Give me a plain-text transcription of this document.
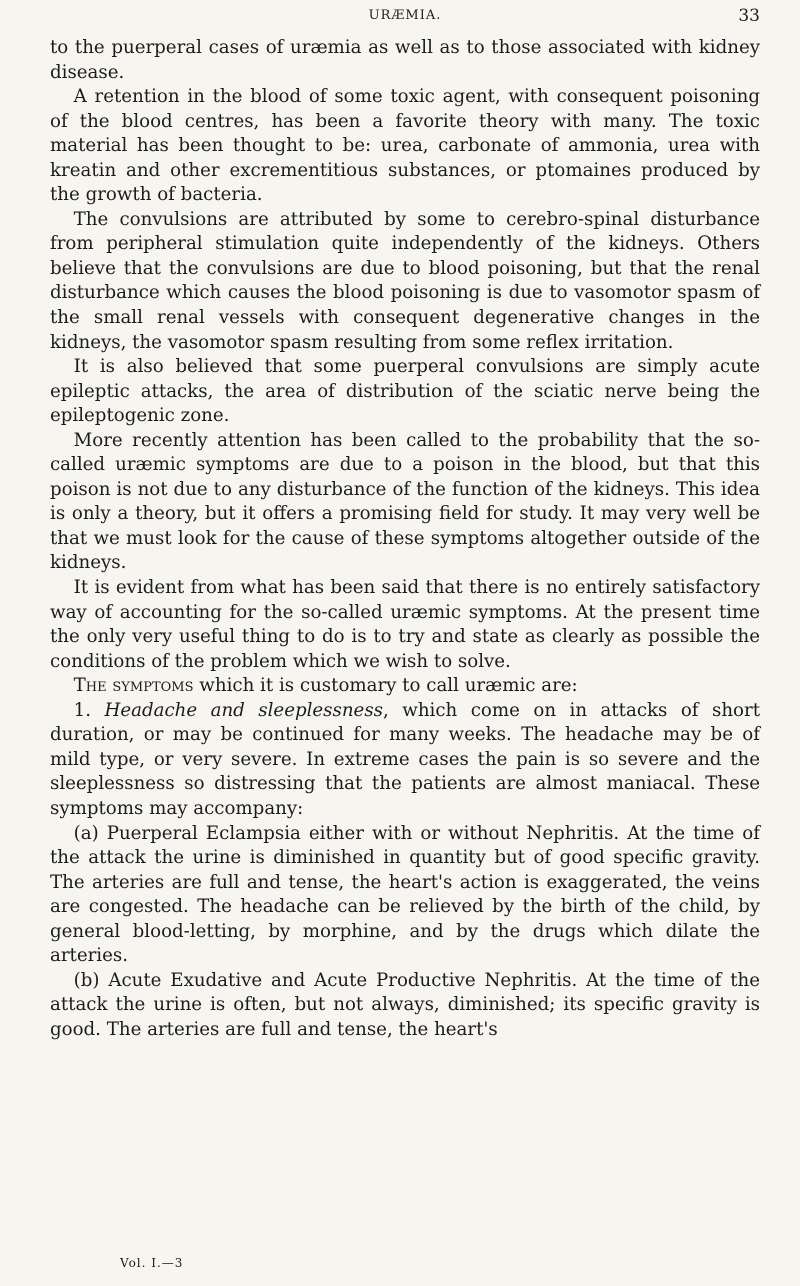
URÆMIA.	33

to the puerperal cases of uræmia as well as to those associated with kidney disease.

A retention in the blood of some toxic agent, with consequent poisoning of the blood centres, has been a favorite theory with many. The toxic material has been thought to be: urea, carbonate of ammonia, urea with kreatin and other excrementitious substances, or ptomaines produced by the growth of bacteria.

The convulsions are attributed by some to cerebro-spinal disturbance from peripheral stimulation quite independently of the kidneys. Others believe that the convulsions are due to blood poisoning, but that the renal disturbance which causes the blood poisoning is due to vasomotor spasm of the small renal vessels with consequent degenerative changes in the kidneys, the vasomotor spasm resulting from some reflex irritation.

It is also believed that some puerperal convulsions are simply acute epileptic attacks, the area of distribution of the sciatic nerve being the epileptogenic zone.

More recently attention has been called to the probability that the so-called uræmic symptoms are due to a poison in the blood, but that this poison is not due to any disturbance of the function of the kidneys. This idea is only a theory, but it offers a promising field for study. It may very well be that we must look for the cause of these symptoms altogether outside of the kidneys.

It is evident from what has been said that there is no entirely satisfactory way of accounting for the so-called uræmic symptoms. At the present time the only very useful thing to do is to try and state as clearly as possible the conditions of the problem which we wish to solve.

The symptoms which it is customary to call uræmic are:

1. Headache and sleeplessness, which come on in attacks of short duration, or may be continued for many weeks. The headache may be of mild type, or very severe. In extreme cases the pain is so severe and the sleeplessness so distressing that the patients are almost maniacal. These symptoms may accompany:

(a) Puerperal Eclampsia either with or without Nephritis. At the time of the attack the urine is diminished in quantity but of good specific gravity. The arteries are full and tense, the heart's action is exaggerated, the veins are congested. The headache can be relieved by the birth of the child, by general blood-letting, by morphine, and by the drugs which dilate the arteries.

(b) Acute Exudative and Acute Productive Nephritis. At the time of the attack the urine is often, but not always, diminished; its specific gravity is good. The arteries are full and tense, the heart's

Vol. I.—3
